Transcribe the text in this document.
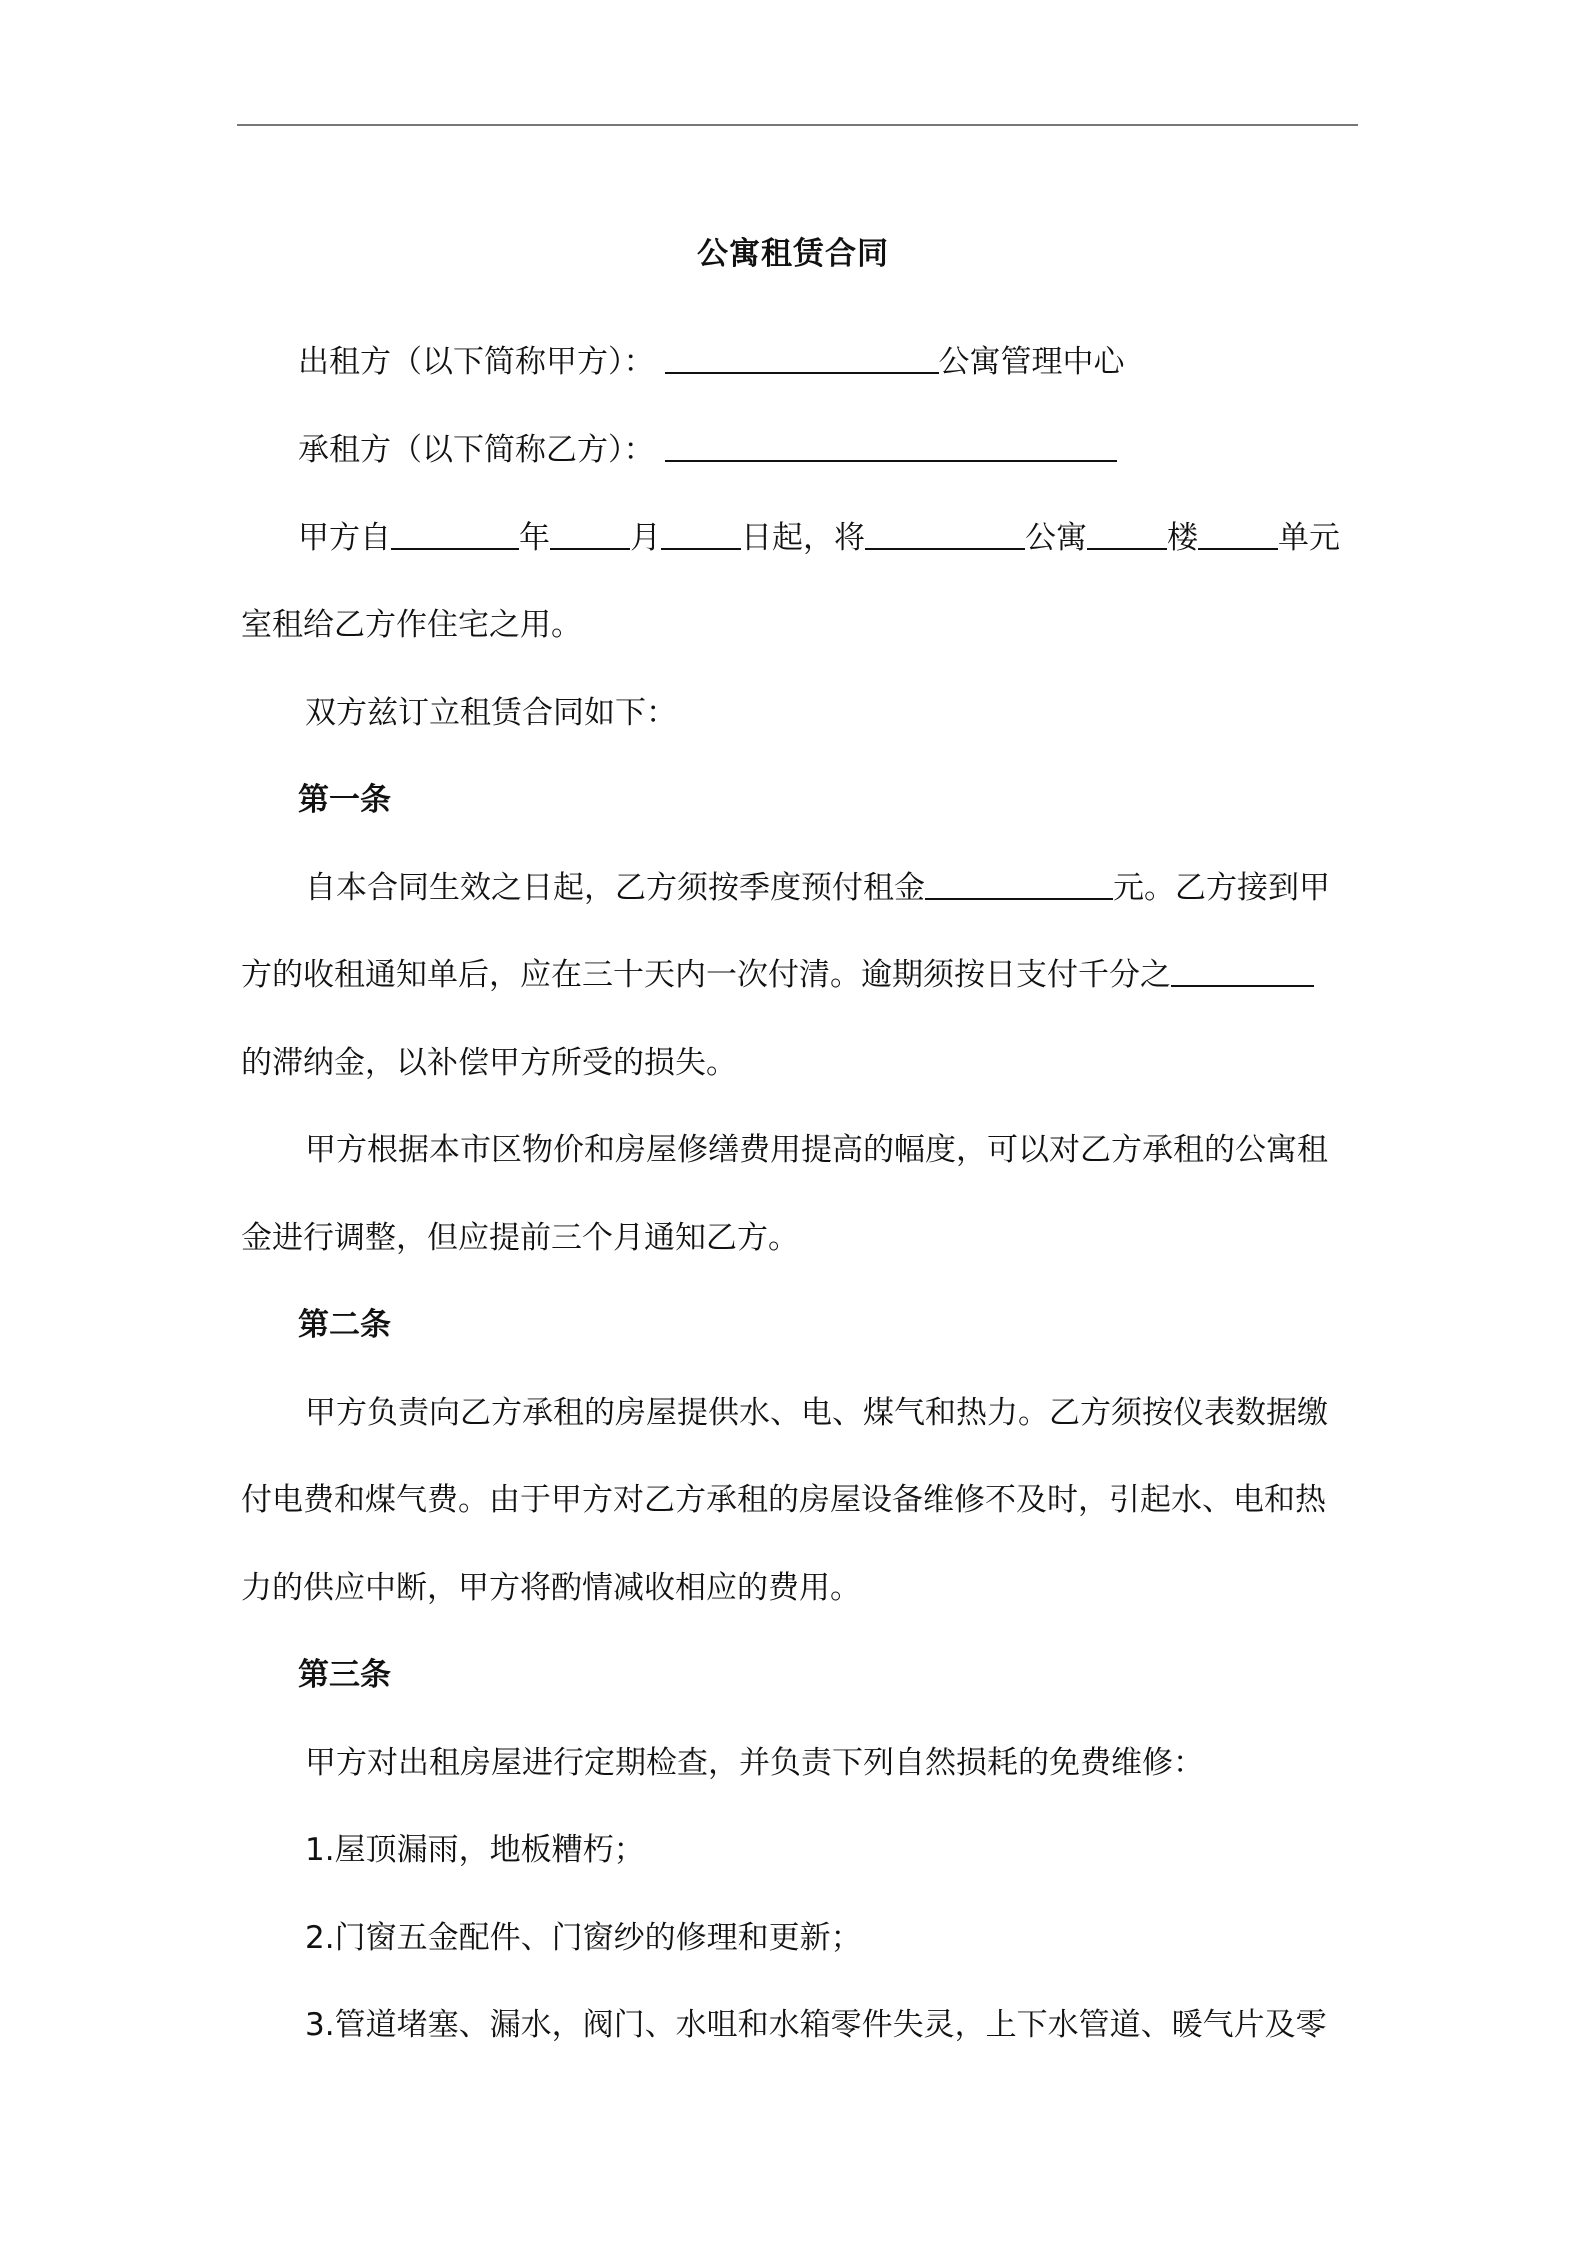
公寓租赁合同
出租方（以下简称甲方）：	公寓管理中心
承租方（以下简称乙方）：
甲方自	年	月	日起，将	公寓	楼	单元
室租给乙方作住宅之用。
双方兹订立租赁合同如下：
第一条
自本合同生效之日起，乙方须按季度预付租金	元。乙方接到甲
方的收租通知单后，应在三十天内一次付清。逾期须按日支付千分之
的滞纳金，以补偿甲方所受的损失。
甲方根据本市区物价和房屋修缮费用提高的幅度，可以对乙方承租的公寓租
金进行调整，但应提前三个月通知乙方。
第二条
甲方负责向乙方承租的房屋提供水、电、煤气和热力。乙方须按仪表数据缴
付电费和煤气费。由于甲方对乙方承租的房屋设备维修不及时，引起水、电和热
力的供应中断，甲方将酌情减收相应的费用。
第三条
甲方对出租房屋进行定期检查，并负责下列自然损耗的免费维修：
1.屋顶漏雨，地板糟朽；
2.门窗五金配件、门窗纱的修理和更新；
3.管道堵塞、漏水，阀门、水咀和水箱零件失灵，上下水管道、暖气片及零
